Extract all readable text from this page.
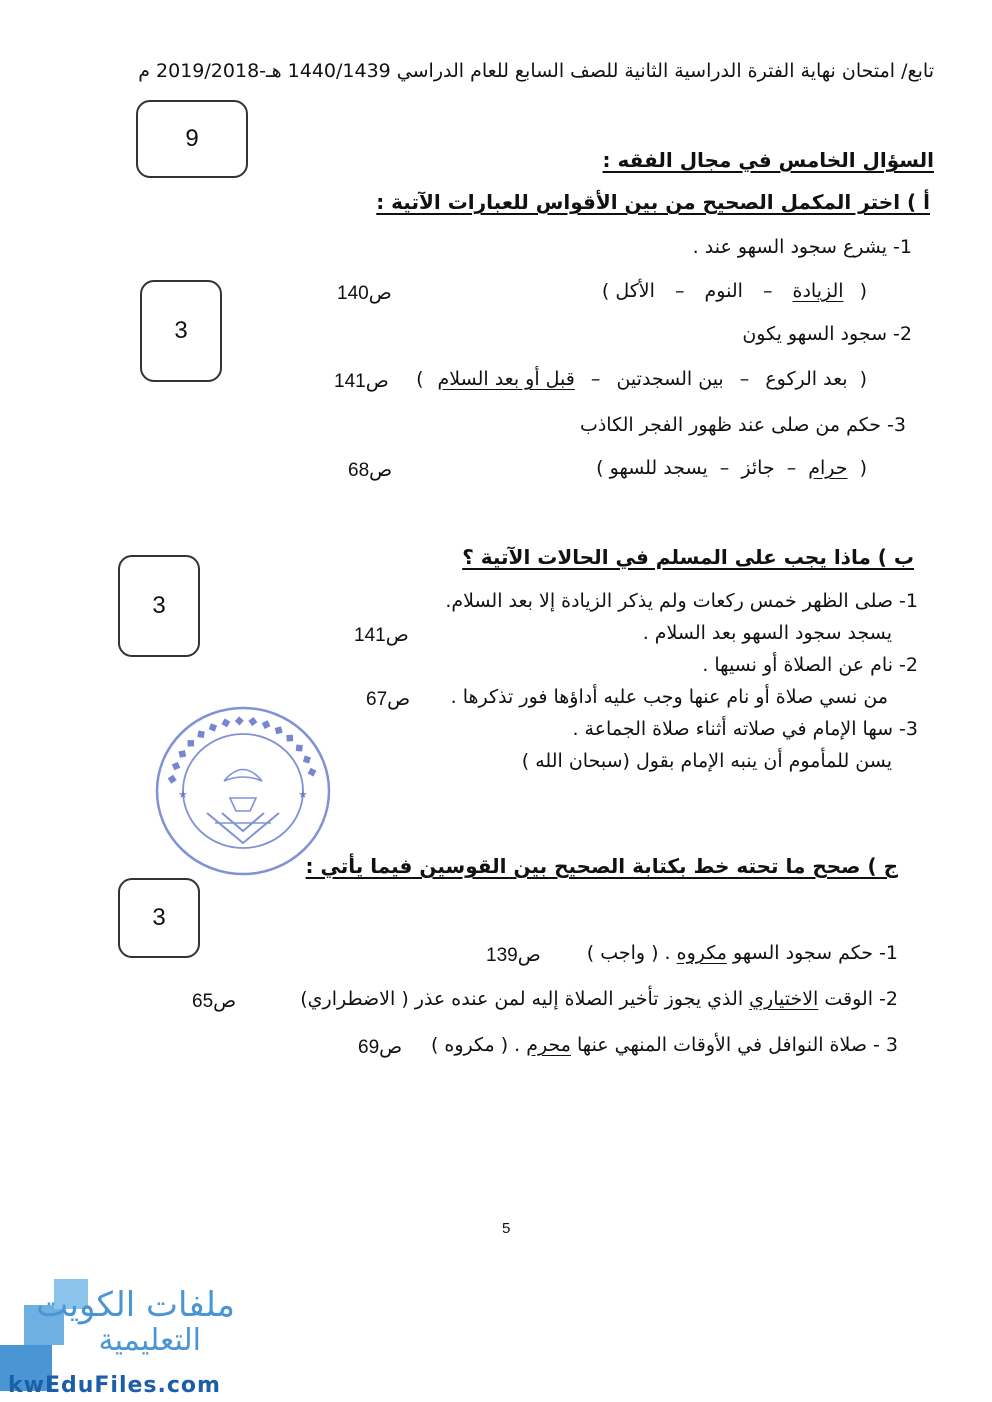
تابع/ امتحان نهاية الفترة الدراسية الثانية للصف السابع للعام الدراسي 1440/1439 هـ-2019/2018 م
9
3
3
3
السؤال الخامس في مجال الفقه :
أ ) اختر المكمل الصحيح من بين الأقواس للعبارات الآتية :
1- يشرع سجود السهو عند .
( الزيادة – النوم – الأكل )
ص140
2- سجود السهو يكون
( بعد الركوع – بين السجدتين – قبل أو بعد السلام )
ص141
3- حكم من صلى عند ظهور الفجر الكاذب
( حرام – جائز – يسجد للسهو )
ص68
ب ) ماذا يجب على المسلم في الحالات الآتية ؟
1- صلى الظهر خمس ركعات ولم يذكر الزيادة إلا بعد السلام.
يسجد سجود السهو بعد السلام .
ص141
2- نام عن الصلاة أو نسيها .
من نسي صلاة أو نام عنها وجب عليه أداؤها فور تذكرها .
ص67
3- سها الإمام في صلاته أثناء صلاة الجماعة .
يسن للمأموم أن ينبه الإمام بقول (سبحان الله )
◆ ◆ ◆ ◆ ◆ ◆ ◆ ◆ ◆ ◆ ◆ ◆ ◆ ◆ ◆
★	★
ج ) صحح ما تحته خط بكتابة الصحيح بين القوسين فيما يأتي :
1- حكم سجود السهو مكروه . ( واجب )
ص139
2- الوقت الاختياري الذي يجوز تأخير الصلاة إليه لمن عنده عذر ( الاضطراري)
ص65
3 - صلاة النوافل في الأوقات المنهي عنها محرم . ( مكروه )
ص69
5
ملفات الكويت
التعليمية
kwEduFiles.com
